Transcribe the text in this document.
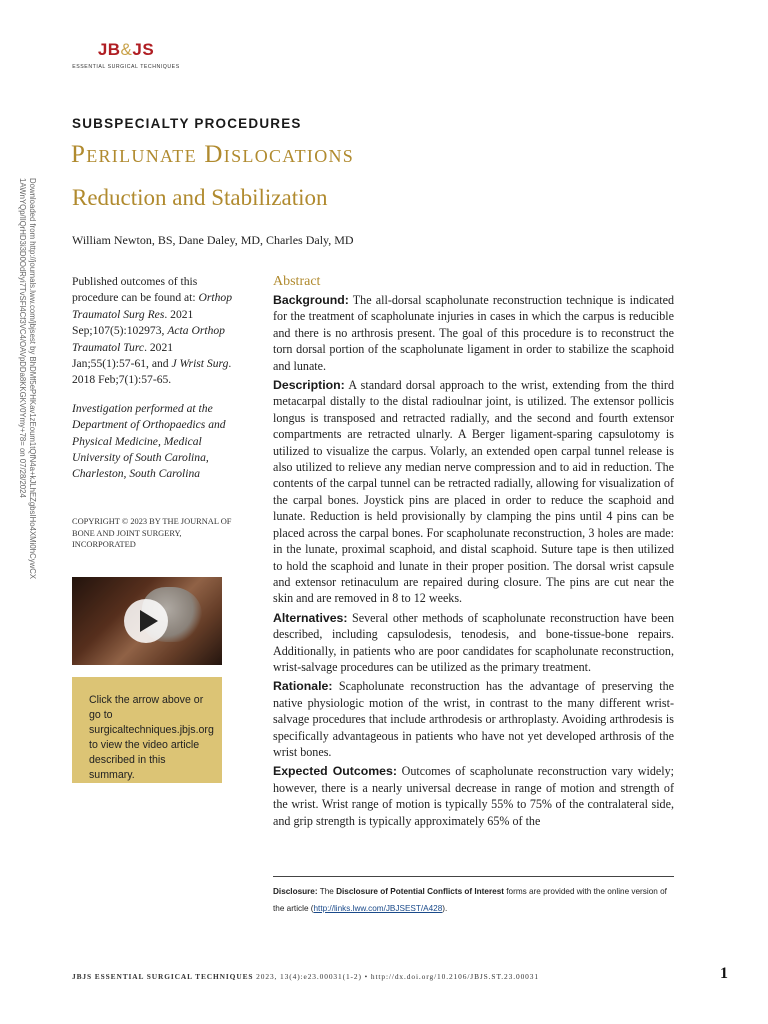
JB&JS
ESSENTIAL SURGICAL TECHNIQUES
Downloaded from http://journals.lww.com/jbjsest by BhDMf5ePHKav1zEoum1tQfN4a+kJLhEZgbsIHo4XMi0hCywCX
1AWnYQp/IlQrHD3i3D0OdRyi7TvSFl4Cf3VC4/OAVpDDa8KKGKV0Ymy+78= on 07/28/2024
SUBSPECIALTY PROCEDURES
Perilunate Dislocations
Reduction and Stabilization
William Newton, BS, Dane Daley, MD, Charles Daly, MD
Published outcomes of this procedure can be found at: Orthop Traumatol Surg Res. 2021 Sep;107(5):102973, Acta Orthop Traumatol Turc. 2021 Jan;55(1):57-61, and J Wrist Surg. 2018 Feb;7(1):57-65.
Investigation performed at the Department of Orthopaedics and Physical Medicine, Medical University of South Carolina, Charleston, South Carolina
COPYRIGHT © 2023 BY THE JOURNAL OF BONE AND JOINT SURGERY, INCORPORATED
Click the arrow above or go to surgicaltechniques.jbjs.org to view the video article described in this summary.
Abstract

Background: The all-dorsal scapholunate reconstruction technique is indicated for the treatment of scapholunate injuries in cases in which the carpus is reducible and there is no arthrosis present. The goal of this procedure is to reconstruct the torn dorsal portion of the scapholunate ligament in order to stabilize the scaphoid and lunate.

Description: A standard dorsal approach to the wrist, extending from the third metacarpal distally to the distal radioulnar joint, is utilized. The extensor pollicis longus is transposed and retracted radially, and the second and fourth extensor compartments are retracted ulnarly. A Berger ligament-sparing capsulotomy is utilized to visualize the carpus. Volarly, an extended open carpal tunnel release is also utilized to relieve any median nerve compression and to aid in reduction. The contents of the carpal tunnel can be retracted radially, allowing for visualization of the carpal bones. Joystick pins are placed in order to reduce the scaphoid and lunate. Reduction is held provisionally by clamping the pins until 4 pins can be placed across the carpal bones. For scapholunate reconstruction, 3 holes are made: in the lunate, proximal scaphoid, and distal scaphoid. Suture tape is then utilized to hold the scaphoid and lunate in their proper position. The dorsal wrist capsule and extensor retinaculum are repaired during closure. The pins are cut near the skin and are removed in 8 to 12 weeks.

Alternatives: Several other methods of scapholunate reconstruction have been described, including capsulodesis, tenodesis, and bone-tissue-bone repairs. Additionally, in patients who are poor candidates for scapholunate reconstruction, wrist-salvage procedures can be utilized as the primary treatment.

Rationale: Scapholunate reconstruction has the advantage of preserving the native physiologic motion of the wrist, in contrast to the many different wrist-salvage procedures that include arthrodesis or arthroplasty. Avoiding arthrodesis is specifically advantageous in patients who have not yet developed arthrosis of the wrist bones.

Expected Outcomes: Outcomes of scapholunate reconstruction vary widely; however, there is a nearly universal decrease in range of motion and strength of the wrist. Wrist range of motion is typically 55% to 75% of the contralateral side, and grip strength is typically approximately 65% of the

Disclosure: The Disclosure of Potential Conflicts of Interest forms are provided with the online version of the article (http://links.lww.com/JBJSEST/A428).
JBJS ESSENTIAL SURGICAL TECHNIQUES 2023, 13(4):e23.00031(1-2) • http://dx.doi.org/10.2106/JBJS.ST.23.00031	1
